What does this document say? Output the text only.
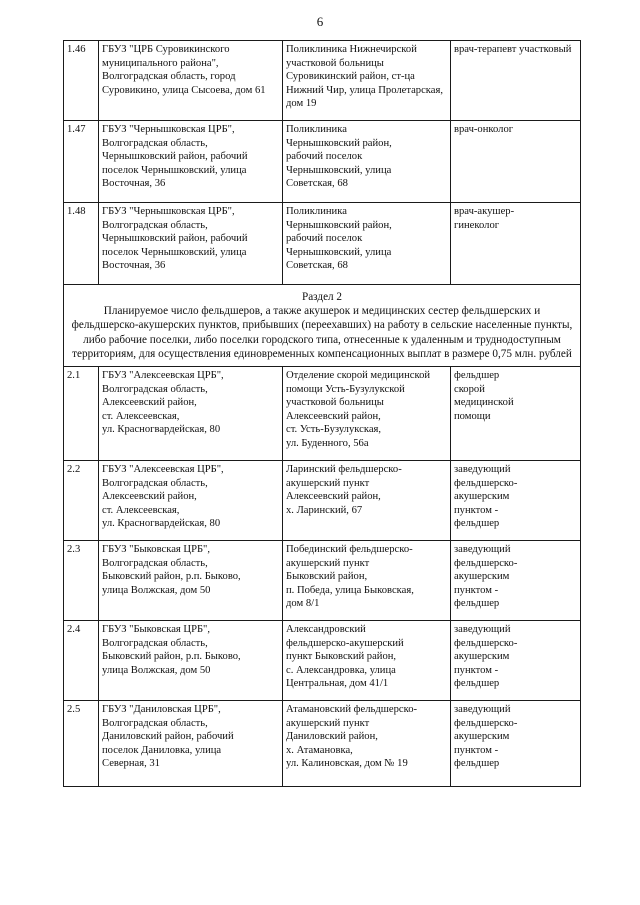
6
1.46	ГБУЗ "ЦРБ Суровикинского муниципального района",
Волгоградская область, город Суровикино, улица Сысоева, дом 61	Поликлиника Нижнечирской участковой больницы Суровикинский район, ст-ца Нижний Чир, улица Пролетарская, дом 19	врач-терапевт участковый
1.47	ГБУЗ "Чернышковская ЦРБ",
Волгоградская область,
Чернышковский район, рабочий поселок Чернышковский, улица Восточная, 36	Поликлиника
Чернышковский район,
рабочий поселок
Чернышковский, улица
Советская, 68	врач-онколог
1.48	ГБУЗ "Чернышковская ЦРБ",
Волгоградская область,
Чернышковский район, рабочий поселок Чернышковский, улица Восточная, 36	Поликлиника
Чернышковский район,
рабочий поселок
Чернышковский, улица
Советская, 68	врач-акушер-
гинеколог

Раздел 2
Планируемое число фельдшеров, а также акушерок и медицинских сестер фельдшерских и фельдшерско-акушерских пунктов, прибывших (переехавших) на работу в сельские населенные пункты, либо рабочие поселки, либо поселки городского типа, отнесенные к удаленным и труднодоступным территориям, для осуществления единовременных компенсационных выплат в размере 0,75 млн. рублей			

2.1	ГБУЗ "Алексеевская ЦРБ",
Волгоградская область,
Алексеевский район,
ст. Алексеевская,
ул. Красногвардейская, 80	Отделение скорой медицинской помощи Усть-Бузулукской участковой больницы Алексеевский район,
ст. Усть-Бузулукская,
ул. Буденного, 56а	фельдшер
скорой
медицинской
помощи
2.2	ГБУЗ "Алексеевская ЦРБ",
Волгоградская область,
Алексеевский район,
ст. Алексеевская,
ул. Красногвардейская, 80	Ларинский фельдшерско-
акушерский пункт
Алексеевский район,
х. Ларинский, 67	заведующий
фельдшерско-
акушерским
пунктом -
фельдшер
2.3	ГБУЗ "Быковская ЦРБ",
Волгоградская область,
Быковский район, р.п. Быково,
улица Волжская, дом 50	Побединский фельдшерско-
акушерский пункт
Быковский район,
п. Победа, улица Быковская,
дом 8/1	заведующий
фельдшерско-
акушерским
пунктом -
фельдшер
2.4	ГБУЗ "Быковская ЦРБ",
Волгоградская область,
Быковский район, р.п. Быково,
улица Волжская, дом 50	Александровский
фельдшерско-акушерский
пункт Быковский район,
с. Александровка, улица
Центральная, дом 41/1	заведующий
фельдшерско-
акушерским
пунктом -
фельдшер
2.5	ГБУЗ "Даниловская ЦРБ",
Волгоградская область,
Даниловский район, рабочий
поселок Даниловка, улица
Северная, 31	Атамановский фельдшерско-
акушерский пункт
Даниловский район,
х. Атамановка,
ул. Калиновская, дом № 19	заведующий
фельдшерско-
акушерским
пунктом -
фельдшер
